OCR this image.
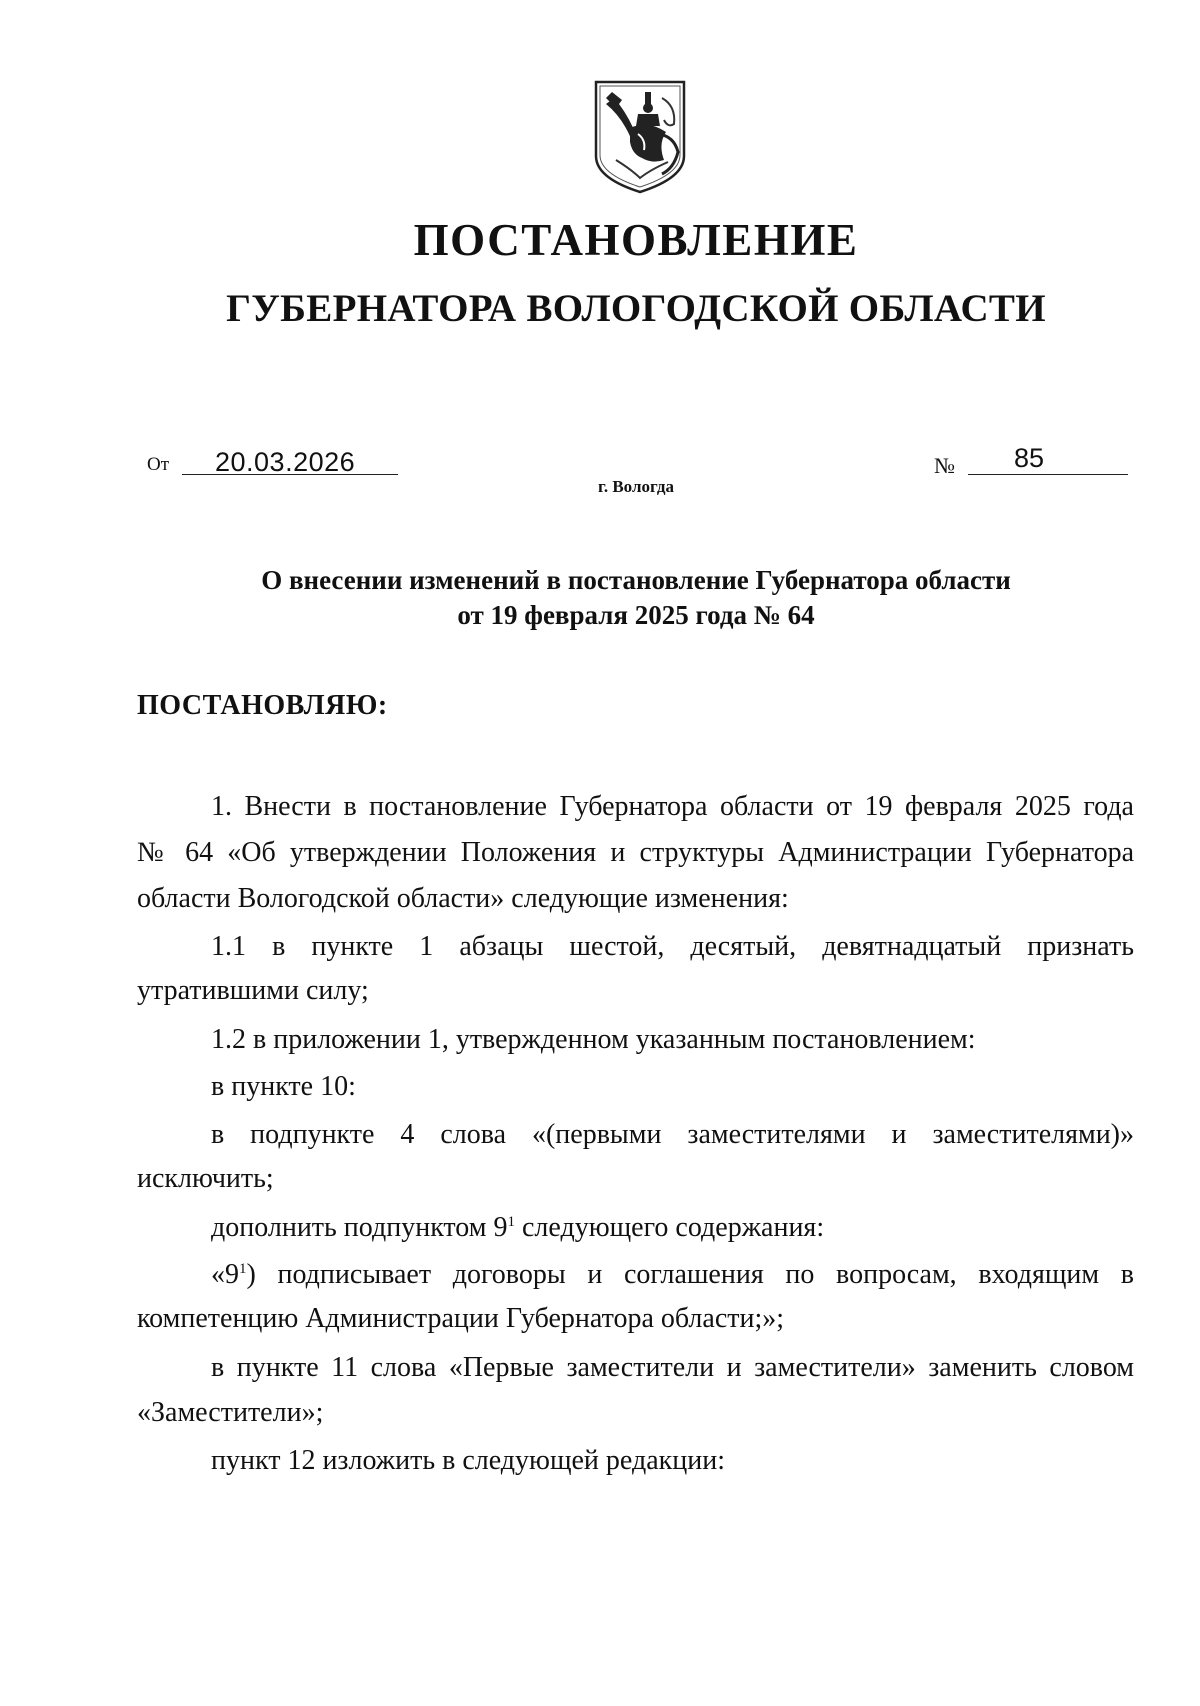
ПОСТАНОВЛЕНИЕ
ГУБЕРНАТОРА ВОЛОГОДСКОЙ ОБЛАСТИ
От 20.03.2026	№ 85
г. Вологда
О внесении изменений в постановление Губернатора области
от 19 февраля 2025 года № 64
ПОСТАНОВЛЯЮ:
1. Внести в постановление Губернатора области от 19 февраля 2025 года
№ 64 «Об утверждении Положения и структуры Администрации Губернатора
области Вологодской области» следующие изменения:
1.1 в пункте 1 абзацы шестой, десятый, девятнадцатый признать
утратившими силу;
1.2 в приложении 1, утвержденном указанным постановлением:
в пункте 10:
в подпункте 4 слова «(первыми заместителями и заместителями)»
исключить;
дополнить подпунктом $9^1$ следующего содержания:
«$9^1$) подписывает договоры и соглашения по вопросам, входящим в
компетенцию Администрации Губернатора области;»;
в пункте 11 слова «Первые заместители и заместители» заменить словом
«Заместители»;
пункт 12 изложить в следующей редакции:
